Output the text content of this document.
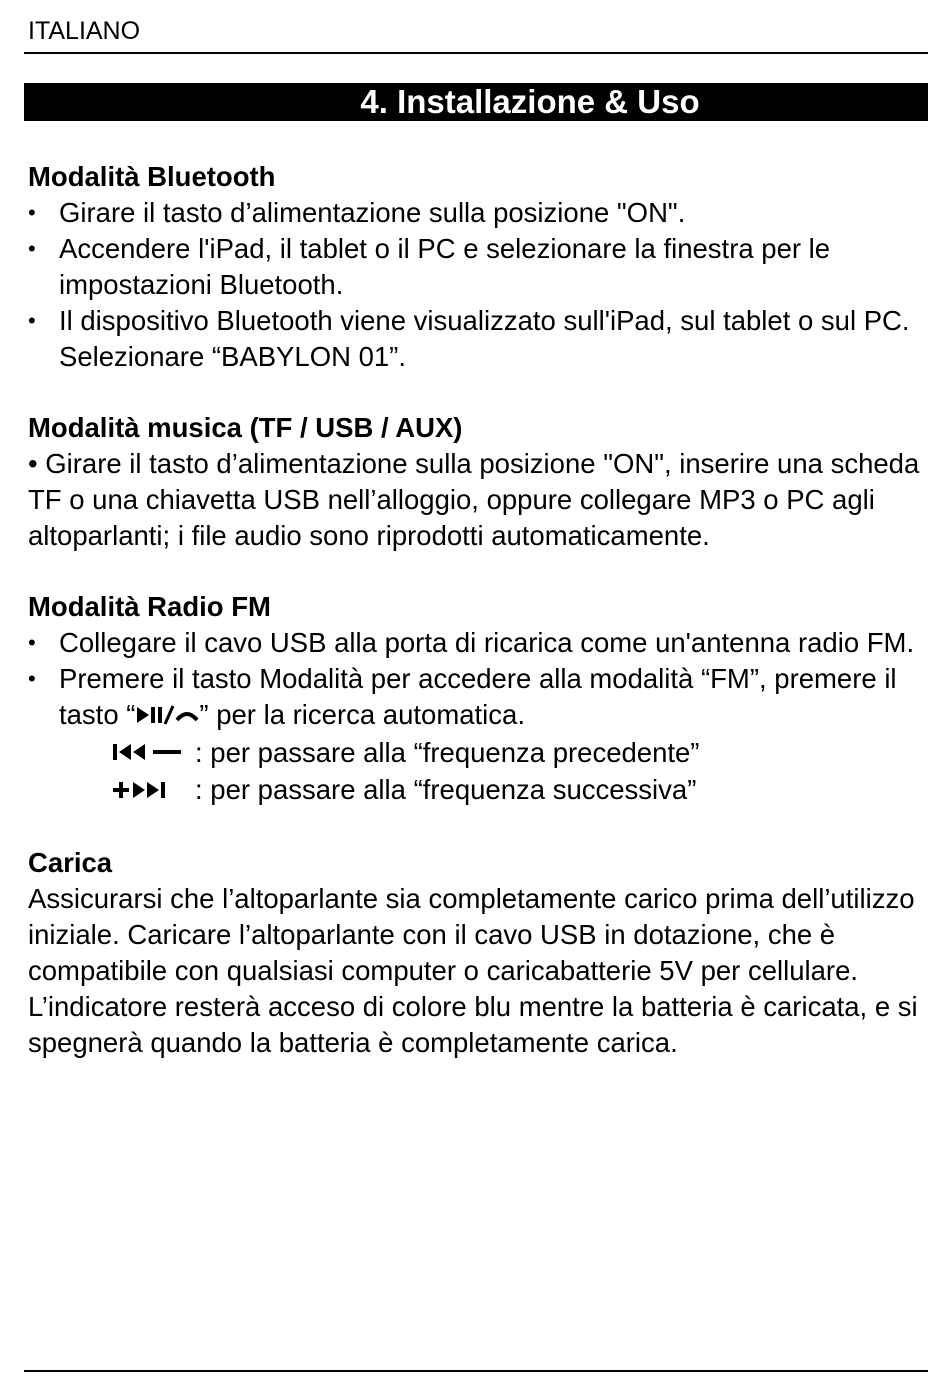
ITALIANO
4. Installazione & Uso

Modalità Bluetooth

• Girare il tasto d’alimentazione sulla posizione "ON".
• Accendere l'iPad, il tablet o il PC e selezionare la finestra per le impostazioni Bluetooth.
• Il dispositivo Bluetooth viene visualizzato sull'iPad, sul tablet o sul PC. Selezionare “BABYLON 01”.

Modalità musica (TF / USB / AUX)

• Girare il tasto d’alimentazione sulla posizione "ON", inserire una scheda TF o una chiavetta USB nell’alloggio, oppure collegare MP3 o PC agli altoparlanti; i file audio sono riprodotti automaticamente.

Modalità Radio FM

• Collegare il cavo USB alla porta di ricarica come un'antenna radio FM.
• Premere il tasto Modalità per accedere alla modalità “FM”, premere il tasto “ ” per la ricerca automatica.
: per passare alla “frequenza precedente”
: per passare alla “frequenza successiva”

Carica

Assicurarsi che l’altoparlante sia completamente carico prima dell’utilizzo iniziale. Caricare l’altoparlante con il cavo USB in dotazione, che è compatibile con qualsiasi computer o caricabatterie 5V per cellulare. L’indicatore resterà acceso di colore blu mentre la batteria è caricata, e si spegnerà quando la batteria è completamente carica.
